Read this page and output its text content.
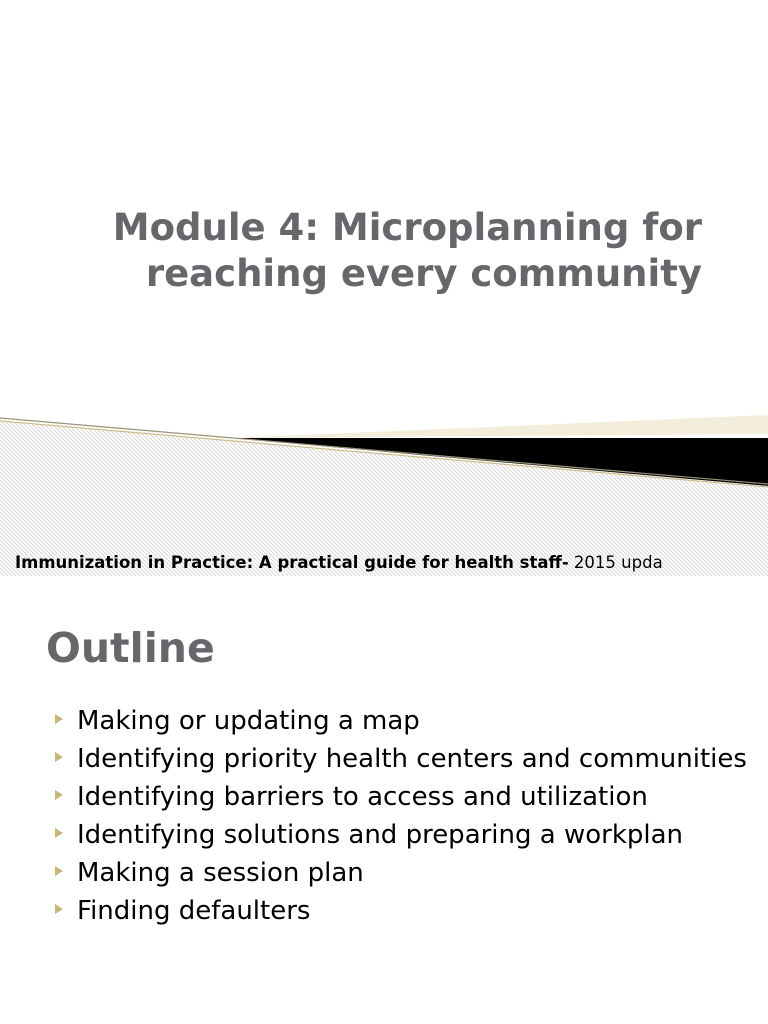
Module 4: Microplanning for
reaching every community
Immunization in Practice: A practical guide for health staff- 2015 upda
Outline
Making or updating a map
Identifying priority health centers and communities
Identifying barriers to access and utilization
Identifying solutions and preparing a workplan
Making a session plan
Finding defaulters
